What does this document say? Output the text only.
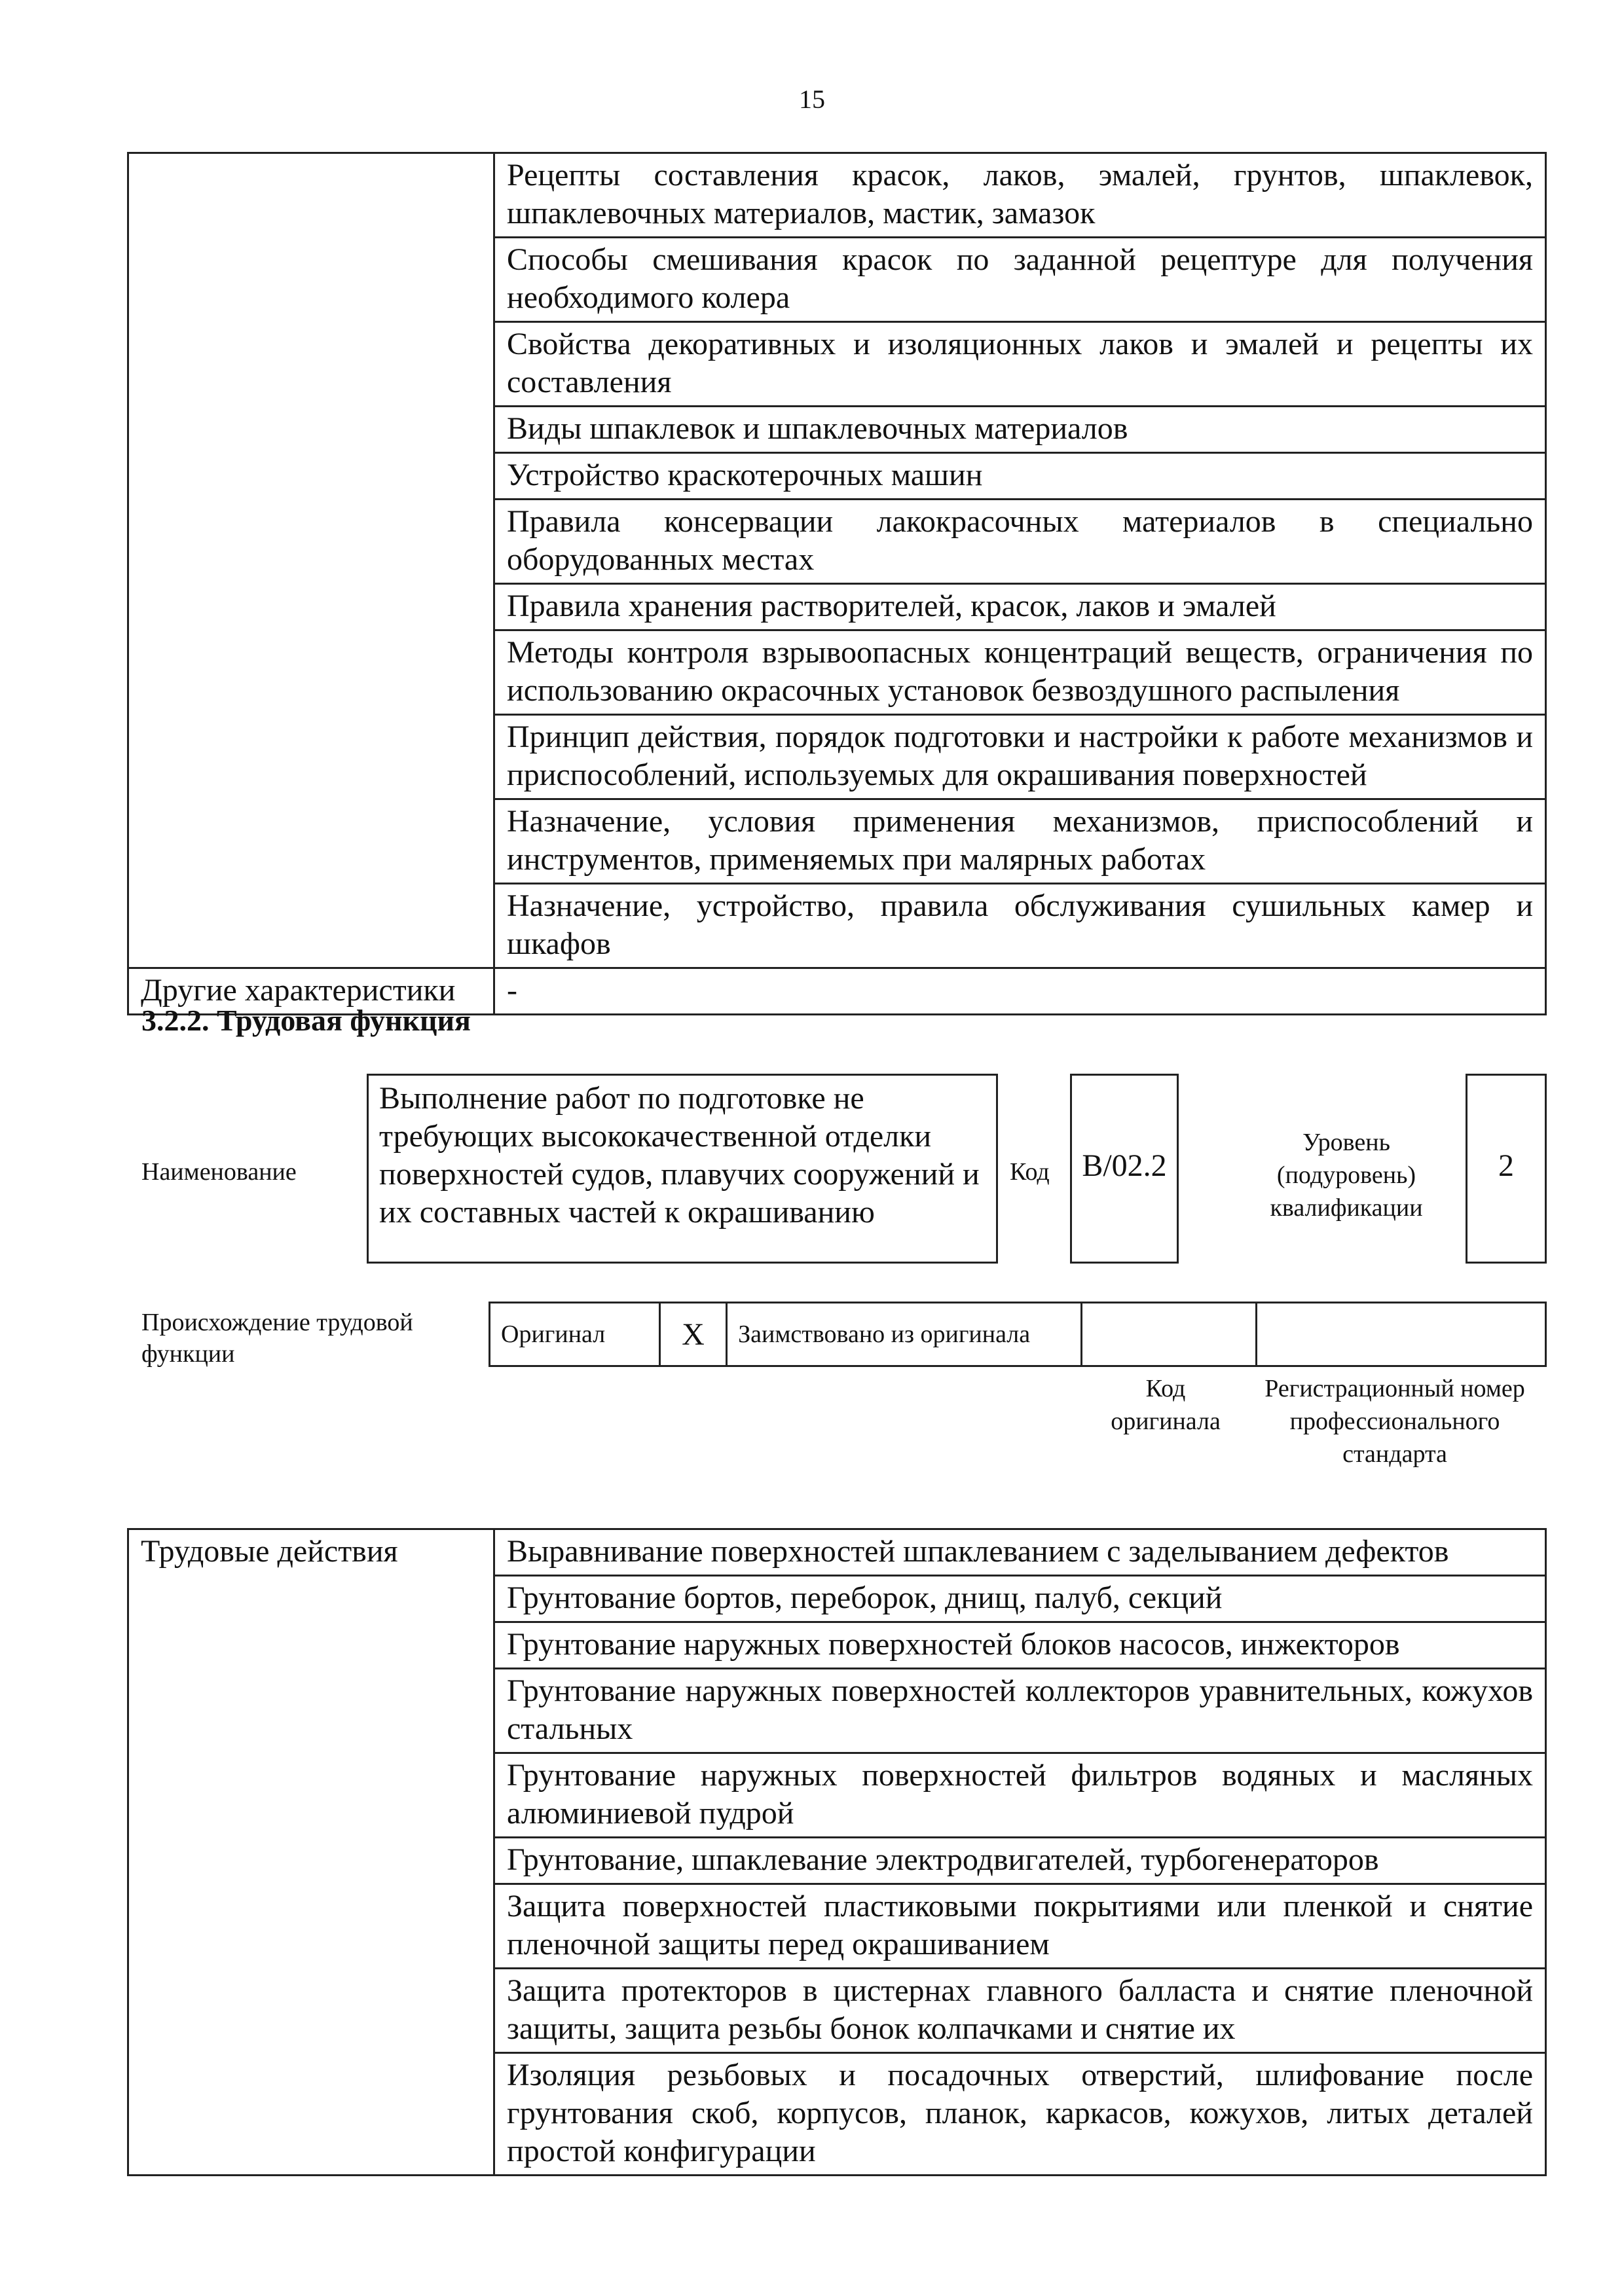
15
	Рецепты составления красок, лаков, эмалей, грунтов, шпаклевок, шпаклевочных материалов, мастик, замазок
	Способы смешивания красок по заданной рецептуре для получения необходимого колера
	Свойства декоративных и изоляционных лаков и эмалей и рецепты их составления
	Виды шпаклевок и шпаклевочных материалов
	Устройство краскотерочных машин
	Правила консервации лакокрасочных материалов в специально оборудованных местах
	Правила хранения растворителей, красок, лаков и эмалей
	Методы контроля взрывоопасных концентраций веществ, ограничения по использованию окрасочных установок безвоздушного распыления
	Принцип действия, порядок подготовки и настройки к работе механизмов и приспособлений, используемых для окрашивания поверхностей
	Назначение, условия применения механизмов, приспособлений и инструментов, применяемых при малярных работах
	Назначение, устройство, правила обслуживания сушильных камер и шкафов
Другие характеристики	-
3.2.2. Трудовая функция
Наименование
Выполнение работ по подготовке не требующих высококачественной отделки поверхностей судов, плавучих сооружений и их составных частей к окрашиванию
Код	B/02.2
Уровень (подуровень) квалификации
2
Происхождение трудовой функции
Оригинал	X	Заимствовано из оригинала		
Код оригинала
Регистрационный номер профессионального стандарта
Трудовые действия	Выравнивание поверхностей шпаклеванием с заделыванием дефектов
Грунтование бортов, переборок, днищ, палуб, секций
Грунтование наружных поверхностей блоков насосов, инжекторов
Грунтование наружных поверхностей коллекторов уравнительных, кожухов стальных
Грунтование наружных поверхностей фильтров водяных и масляных алюминиевой пудрой
Грунтование, шпаклевание электродвигателей, турбогенераторов
Защита поверхностей пластиковыми покрытиями или пленкой и снятие пленочной защиты перед окрашиванием
Защита протекторов в цистернах главного балласта и снятие пленочной защиты, защита резьбы бонок колпачками и снятие их
Изоляция резьбовых и посадочных отверстий, шлифование после грунтования скоб, корпусов, планок, каркасов, кожухов, литых деталей простой конфигурации
